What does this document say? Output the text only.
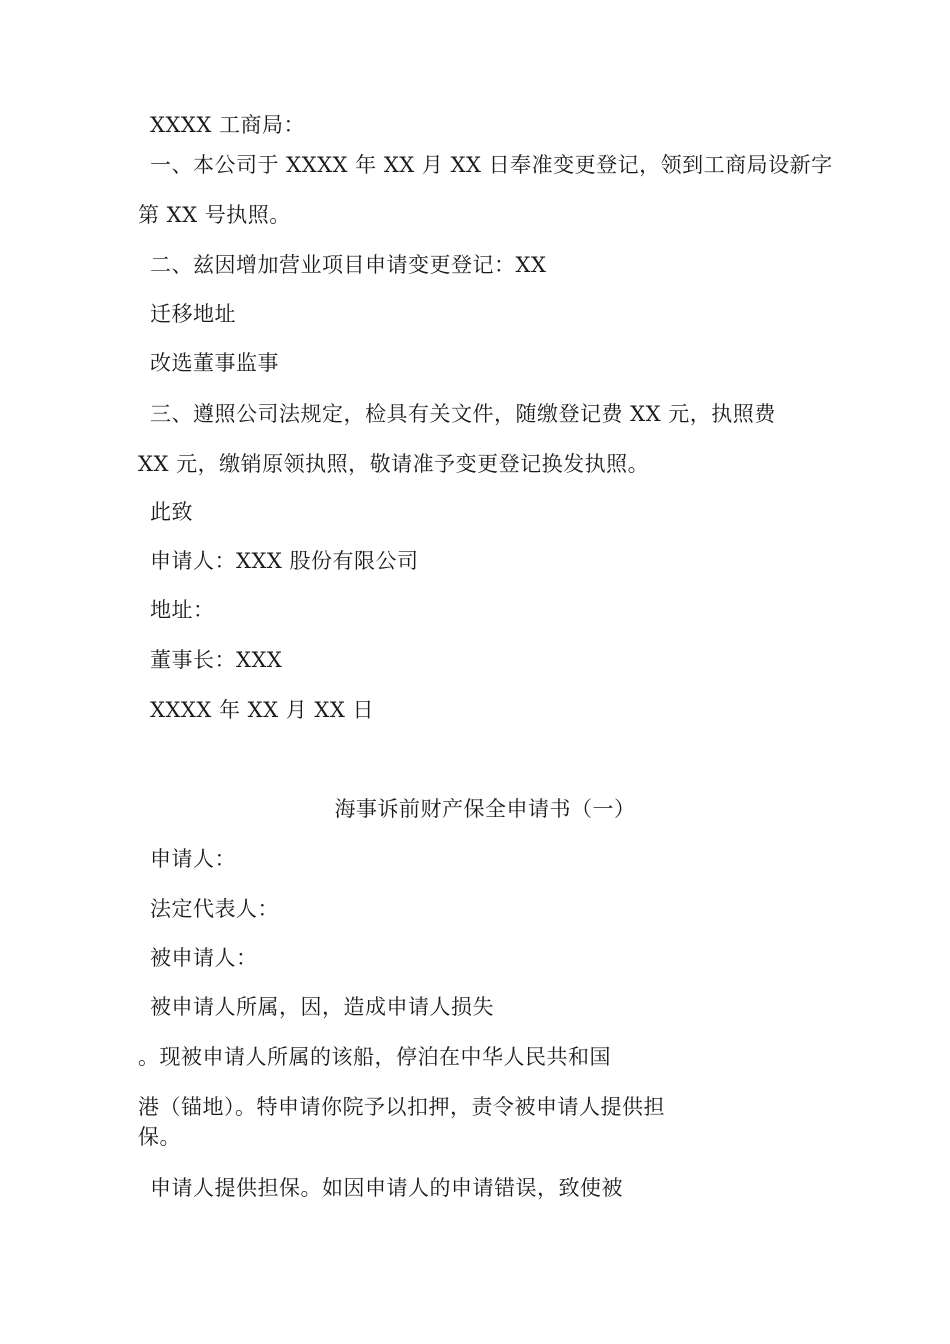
XXXX 工商局：
一、本公司于 XXXX 年 XX 月 XX 日奉准变更登记，领到工商局设新字
第 XX 号执照。
二、兹因增加营业项目申请变更登记：XX
迁移地址
改选董事监事
三、遵照公司法规定，检具有关文件，随缴登记费 XX 元，执照费
XX 元，缴销原领执照，敬请准予变更登记换发执照。
此致
申请人：XXX 股份有限公司
地址：
董事长：XXX
XXXX 年 XX 月 XX 日
海事诉前财产保全申请书（一）
申请人：
法定代表人：
被申请人：
被申请人所属，因，造成申请人损失
。现被申请人所属的该船，停泊在中华人民共和国
港（锚地）。特申请你院予以扣押，责令被申请人提供担
保。
申请人提供担保。如因申请人的申请错误，致使被
